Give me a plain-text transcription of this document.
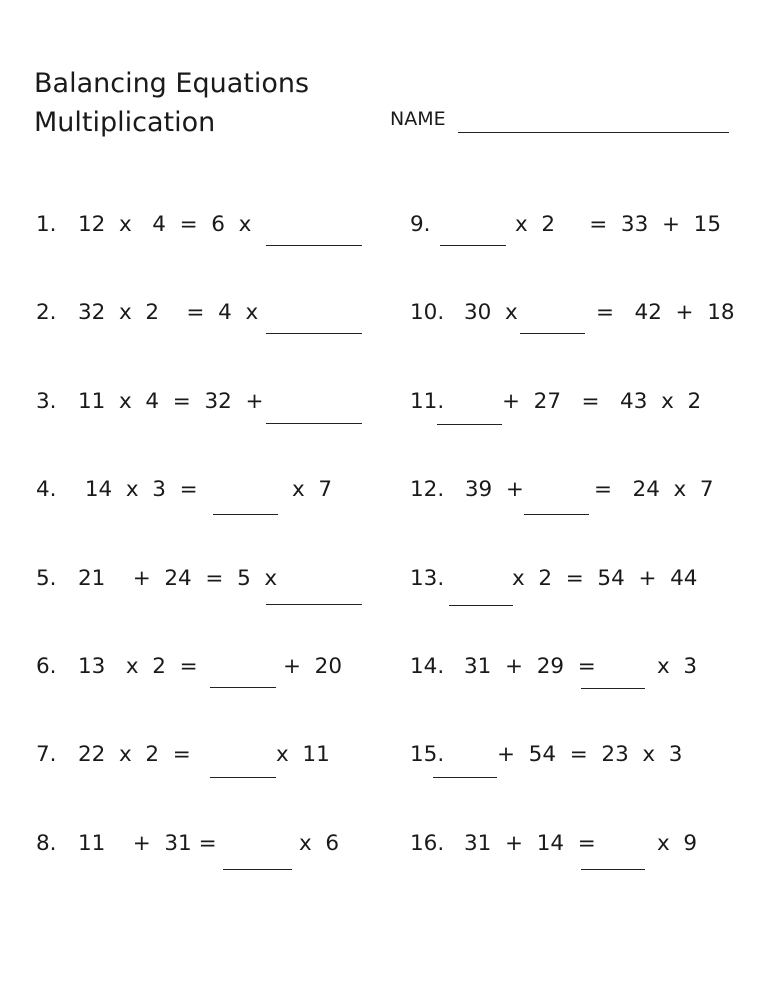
Balancing Equations
Multiplication	NAME
1. 12  x   4  =  6  x
2. 32  x  2    =  4  x
3. 11  x  4  =  32  +
4. 14  x  3  =	x  7
5. 21    +  24  =  5  x
6. 13   x  2  =	+  20
7. 22  x  2  =	x  11
8. 11    +  31 =	x  6
9.	x  2     =  33  +  15
10. 30  x	=   42  +  18
11.	+  27   =   43  x  2
12. 39  +	=   24  x  7
13.	x  2  =  54  +  44
14. 31  +  29  =	x  3
15. +  54  =  23  x  3
16. 31  +  14  =	x  9
